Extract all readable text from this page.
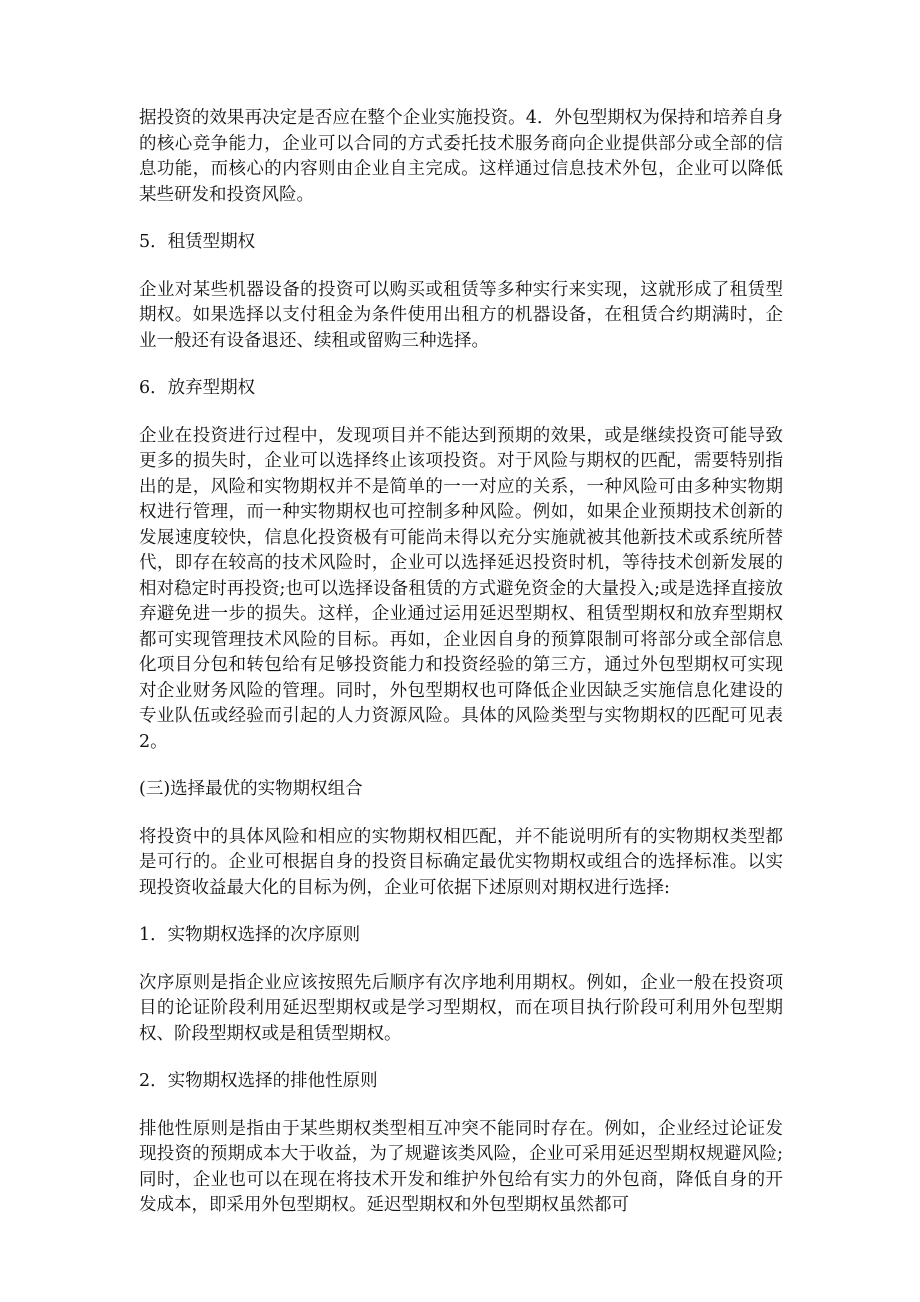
据投资的效果再决定是否应在整个企业实施投资。4．外包型期权为保持和培养自身的核心竞争能力，企业可以合同的方式委托技术服务商向企业提供部分或全部的信息功能，而核心的内容则由企业自主完成。这样通过信息技术外包，企业可以降低某些研发和投资风险。

5．租赁型期权

企业对某些机器设备的投资可以购买或租赁等多种实行来实现，这就形成了租赁型期权。如果选择以支付租金为条件使用出租方的机器设备，在租赁合约期满时，企业一般还有设备退还、续租或留购三种选择。

6．放弃型期权

企业在投资进行过程中，发现项目并不能达到预期的效果，或是继续投资可能导致更多的损失时，企业可以选择终止该项投资。对于风险与期权的匹配，需要特别指出的是，风险和实物期权并不是简单的一一对应的关系，一种风险可由多种实物期权进行管理，而一种实物期权也可控制多种风险。例如，如果企业预期技术创新的发展速度较快，信息化投资极有可能尚未得以充分实施就被其他新技术或系统所替代，即存在较高的技术风险时，企业可以选择延迟投资时机，等待技术创新发展的相对稳定时再投资;也可以选择设备租赁的方式避免资金的大量投入;或是选择直接放弃避免进一步的损失。这样，企业通过运用延迟型期权、租赁型期权和放弃型期权都可实现管理技术风险的目标。再如，企业因自身的预算限制可将部分或全部信息化项目分包和转包给有足够投资能力和投资经验的第三方，通过外包型期权可实现对企业财务风险的管理。同时，外包型期权也可降低企业因缺乏实施信息化建设的专业队伍或经验而引起的人力资源风险。具体的风险类型与实物期权的匹配可见表2。

(三)选择最优的实物期权组合

将投资中的具体风险和相应的实物期权相匹配，并不能说明所有的实物期权类型都是可行的。企业可根据自身的投资目标确定最优实物期权或组合的选择标准。以实现投资收益最大化的目标为例，企业可依据下述原则对期权进行选择:

1．实物期权选择的次序原则

次序原则是指企业应该按照先后顺序有次序地利用期权。例如，企业一般在投资项目的论证阶段利用延迟型期权或是学习型期权，而在项目执行阶段可利用外包型期权、阶段型期权或是租赁型期权。

2．实物期权选择的排他性原则

排他性原则是指由于某些期权类型相互冲突不能同时存在。例如，企业经过论证发现投资的预期成本大于收益，为了规避该类风险，企业可采用延迟型期权规避风险;同时，企业也可以在现在将技术开发和维护外包给有实力的外包商，降低自身的开发成本，即采用外包型期权。延迟型期权和外包型期权虽然都可
